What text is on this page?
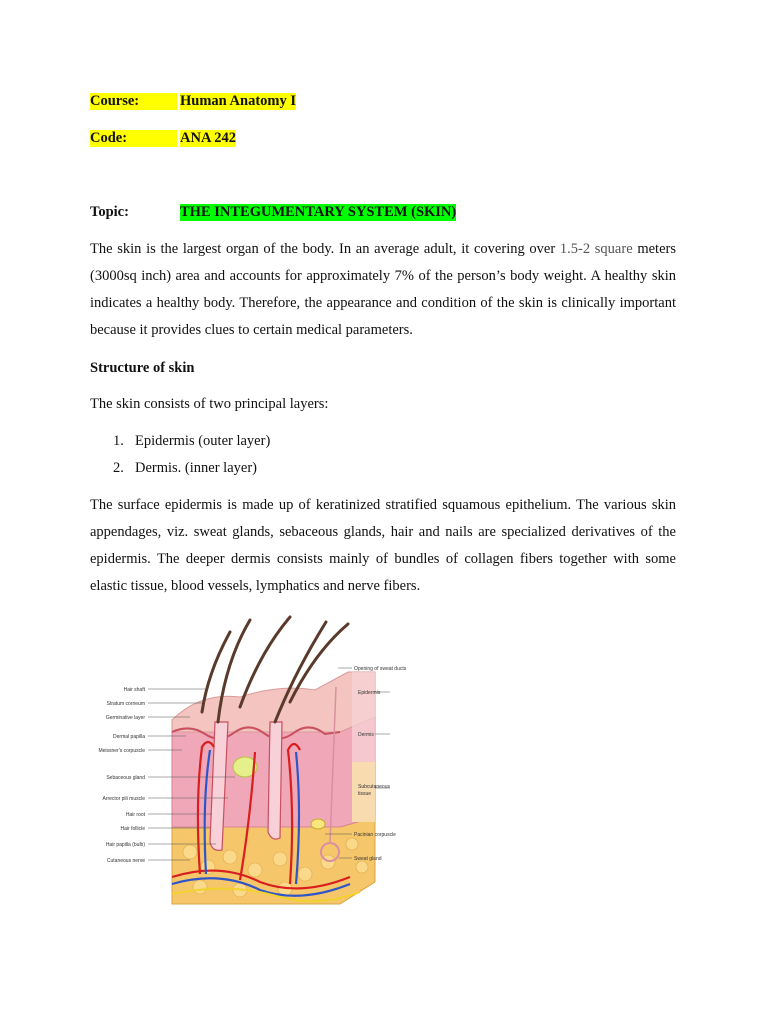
Course:	Human Anatomy I
Code:	ANA 242
Topic:	THE INTEGUMENTARY SYSTEM (SKIN)

The skin is the largest organ of the body. In an average adult, it covering over 1.5-2 square meters (3000sq inch) area and accounts for approximately 7% of the person’s body weight. A healthy skin indicates a healthy body. Therefore, the appearance and condition of the skin is clinically important because it provides clues to certain medical parameters.

Structure of skin

The skin consists of two principal layers:

1. Epidermis (outer layer)
2. Dermis. (inner layer)

The surface epidermis is made up of keratinized stratified squamous epithelium. The various skin appendages, viz. sweat glands, sebaceous glands, hair and nails are specialized derivatives of the epidermis. The deeper dermis consists mainly of bundles of collagen fibers together with some elastic tissue, blood vessels, lymphatics and nerve fibers.

Hair shaft
Stratum corneum
Germinative layer
Dermal papilla
Meissner's corpuscle
Sebaceous gland
Arrector pili muscle
Hair root
Hair follicle
Hair papilla (bulb)
Cutaneous nerve
Opening of sweat ducts
Epidermis
Dermis
Subcutaneous
tissue
Pacinian corpuscle
Sweat gland
